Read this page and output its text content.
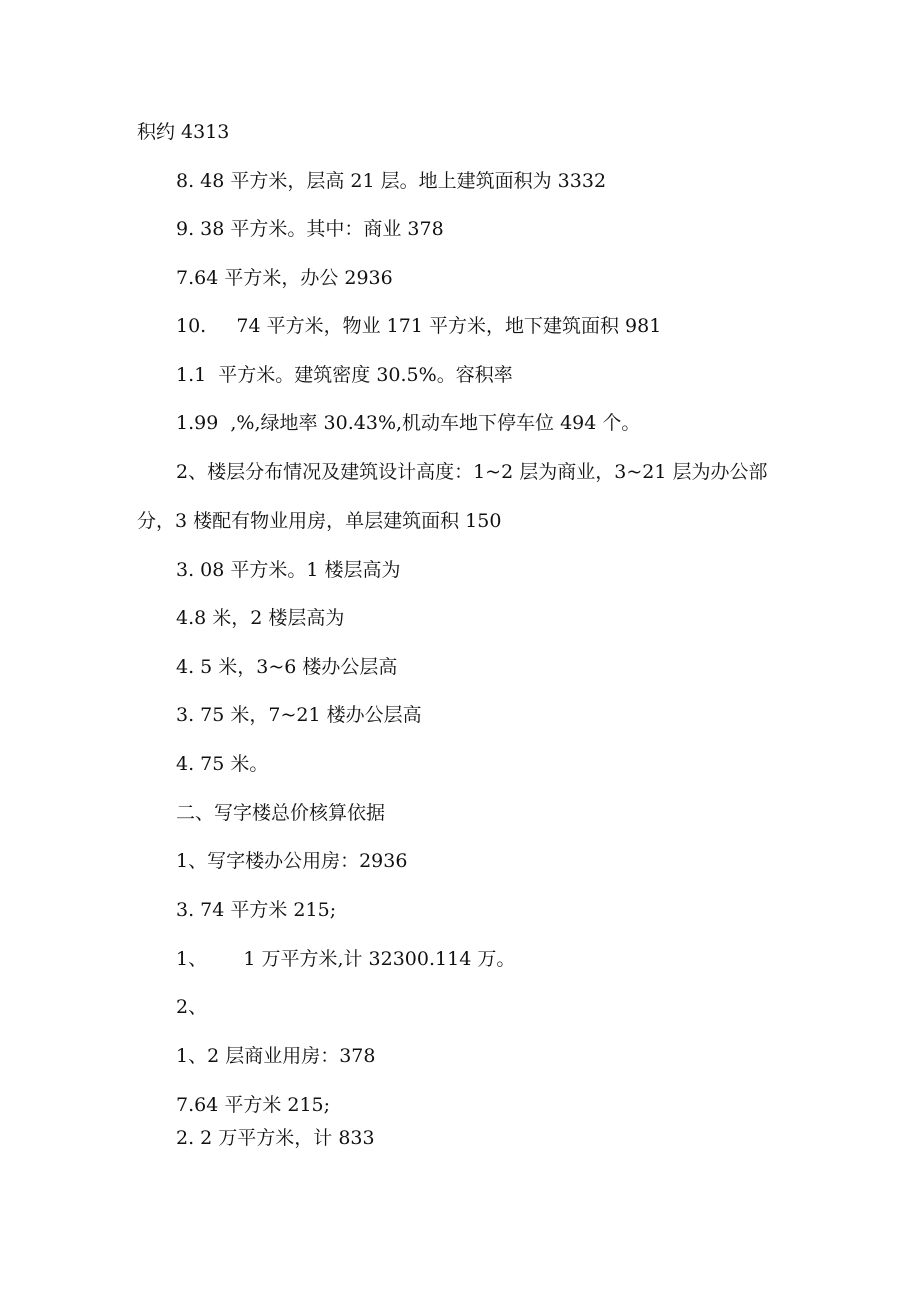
积约 4313

8. 48 平方米，层高 21 层。地上建筑面积为 3332

9. 38 平方米。其中：商业 378

7.64 平方米，办公 2936

10.     74 平方米，物业 171 平方米，地下建筑面积 981

1.1  平方米。建筑密度 30.5%。容积率

1.99  ,%,绿地率 30.43%,机动车地下停车位 494 个。

2、楼层分布情况及建筑设计高度：1~2 层为商业，3~21 层为办公部

分，3 楼配有物业用房，单层建筑面积 150

3. 08 平方米。1 楼层高为

4.8 米，2 楼层高为

4. 5 米，3~6 楼办公层高

3. 75 米，7~21 楼办公层高

4. 75 米。

二、写字楼总价核算依据

1、写字楼办公用房：2936

3. 74 平方米 215;

1、      1 万平方米,计 32300.114 万。

2、

1、2 层商业用房：378

7.64 平方米 215;

2. 2 万平方米，计 833
